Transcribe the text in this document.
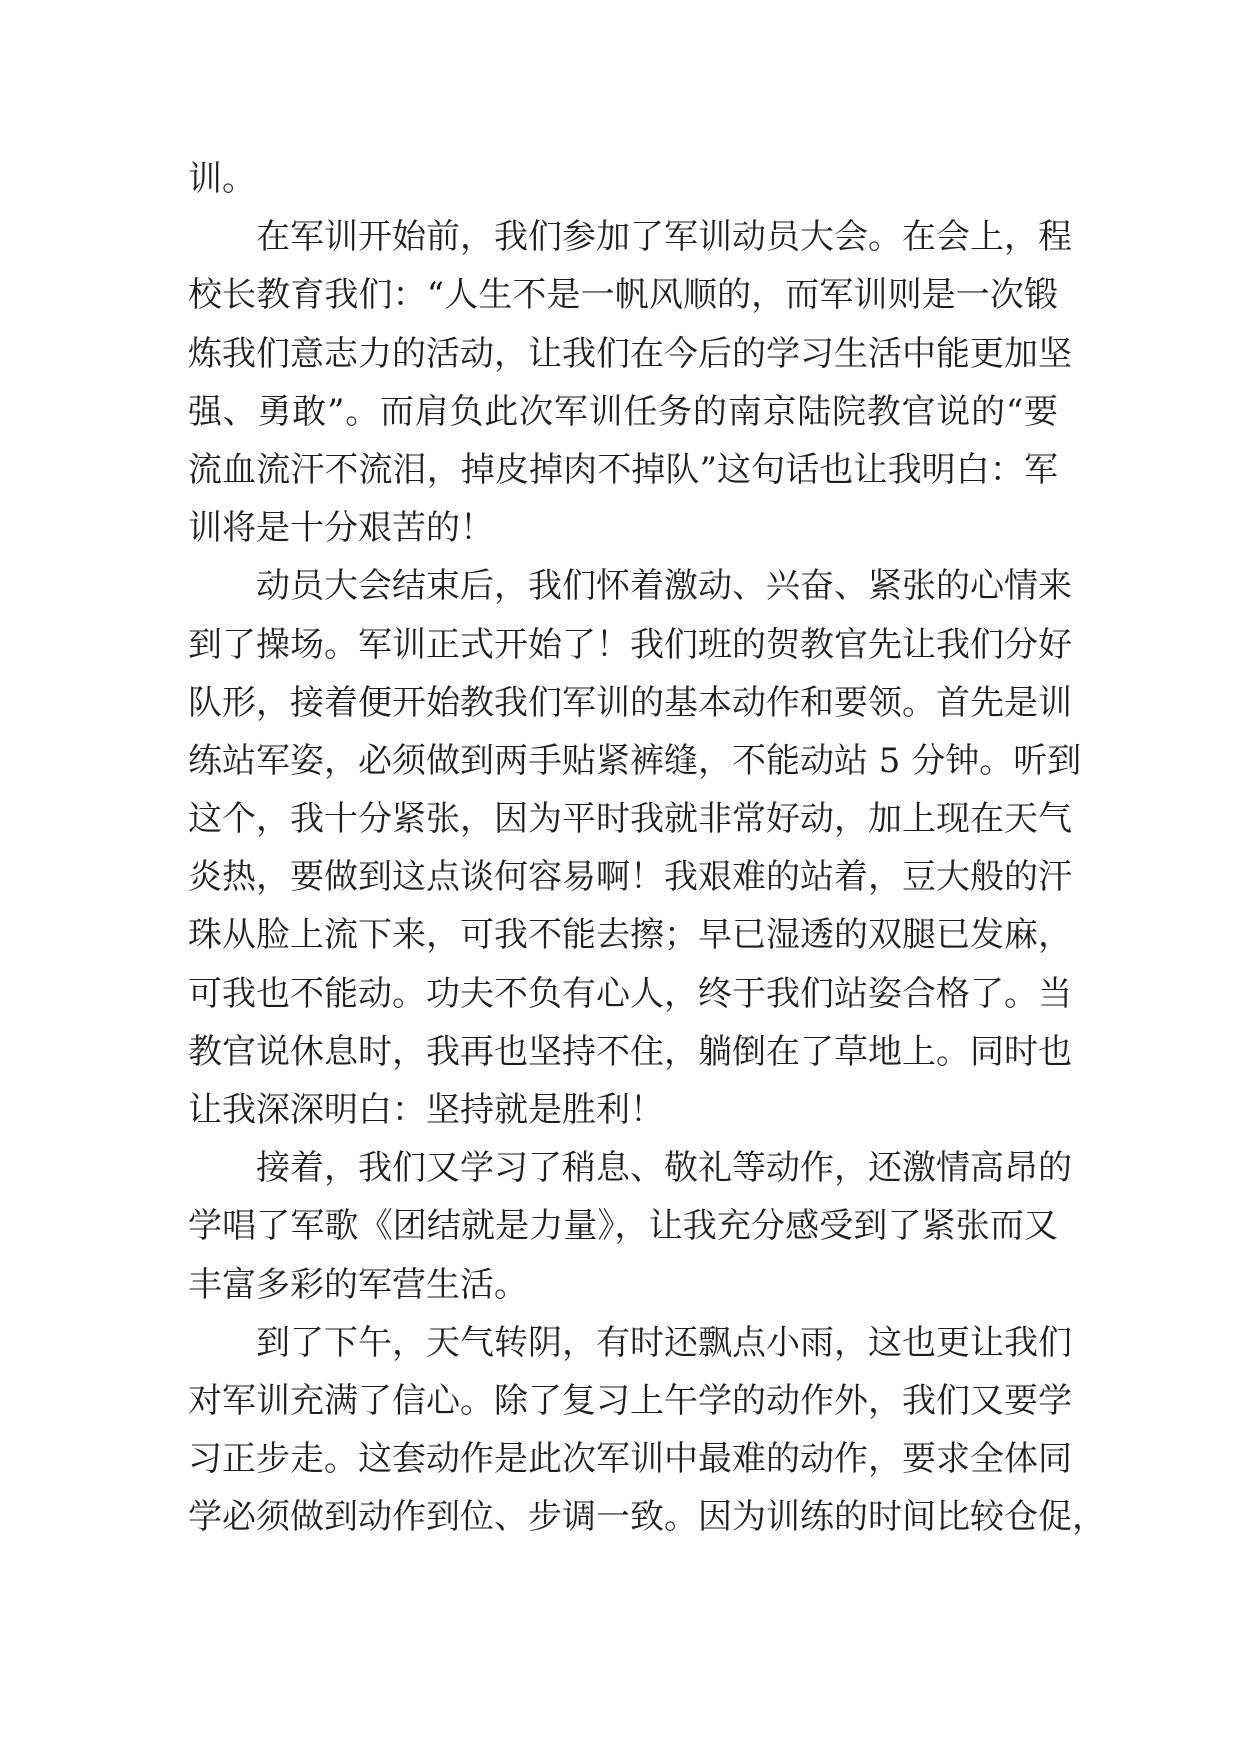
训。
在军训开始前，我们参加了军训动员大会。在会上，程
校长教育我们：“人生不是一帆风顺的，而军训则是一次锻
炼我们意志力的活动，让我们在今后的学习生活中能更加坚
强、勇敢”。而肩负此次军训任务的南京陆院教官说的“要
流血流汗不流泪，掉皮掉肉不掉队”这句话也让我明白：军
训将是十分艰苦的！
动员大会结束后，我们怀着激动、兴奋、紧张的心情来
到了操场。军训正式开始了！我们班的贺教官先让我们分好
队形，接着便开始教我们军训的基本动作和要领。首先是训
练站军姿，必须做到两手贴紧裤缝，不能动站 5 分钟。听到
这个，我十分紧张，因为平时我就非常好动，加上现在天气
炎热，要做到这点谈何容易啊！我艰难的站着，豆大般的汗
珠从脸上流下来，可我不能去擦；早已湿透的双腿已发麻，
可我也不能动。功夫不负有心人，终于我们站姿合格了。当
教官说休息时，我再也坚持不住，躺倒在了草地上。同时也
让我深深明白：坚持就是胜利！
接着，我们又学习了稍息、敬礼等动作，还激情高昂的
学唱了军歌《团结就是力量》，让我充分感受到了紧张而又
丰富多彩的军营生活。
到了下午，天气转阴，有时还飘点小雨，这也更让我们
对军训充满了信心。除了复习上午学的动作外，我们又要学
习正步走。这套动作是此次军训中最难的动作，要求全体同
学必须做到动作到位、步调一致。因为训练的时间比较仓促，
